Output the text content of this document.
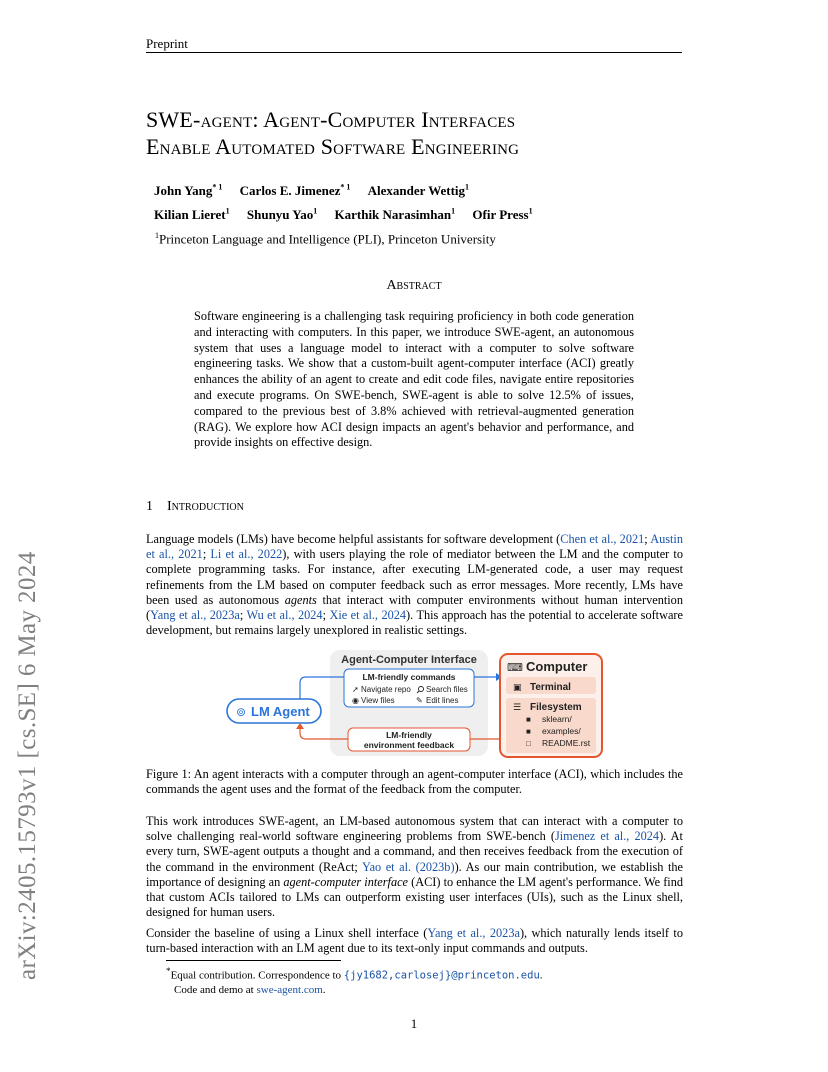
Preprint
arXiv:2405.15793v1 [cs.SE] 6 May 2024
SWE-agent: Agent-Computer Interfaces
Enable Automated Software Engineering
John Yang$^{* 1}$ Carlos E. Jimenez$^{* 1}$ Alexander Wettig$^1$
Kilian Lieret$^1$ Shunyu Yao$^1$ Karthik Narasimhan$^1$ Ofir Press$^1$
$^1$Princeton Language and Intelligence (PLI), Princeton University
Abstract
Software engineering is a challenging task requiring proficiency in both code generation and interacting with computers. In this paper, we introduce SWE-agent, an autonomous system that uses a language model to interact with a computer to solve software engineering tasks. We show that a custom-built agent-computer interface (ACI) greatly enhances the ability of an agent to create and edit code files, navigate entire repositories and execute programs. On SWE-bench, SWE-agent is able to solve 12.5% of issues, compared to the previous best of 3.8% achieved with retrieval-augmented generation (RAG). We explore how ACI design impacts an agent's behavior and performance, and provide insights on effective design.
1 Introduction
Language models (LMs) have become helpful assistants for software development (Chen et al., 2021; Austin et al., 2021; Li et al., 2022), with users playing the role of mediator between the LM and the computer to complete programming tasks. For instance, after executing LM-generated code, a user may request refinements from the LM based on computer feedback such as error messages. More recently, LMs have been used as autonomous agents that interact with computer environments without human intervention (Yang et al., 2023a; Wu et al., 2024; Xie et al., 2024). This approach has the potential to accelerate software development, but remains largely unexplored in realistic settings.
Agent-Computer Interface
LM-friendly commands
➚ Navigate repo Search files
◉ View files	✎ Edit lines
LM-friendly
environment feedback
⊚ LM Agent
⌨ Computer
▣ Terminal
☰ Filesystem
■ sklearn/
■ examples/
□ README.rst
Figure 1: An agent interacts with a computer through an agent-computer interface (ACI), which includes the commands the agent uses and the format of the feedback from the computer.
This work introduces SWE-agent, an LM-based autonomous system that can interact with a computer to solve challenging real-world software engineering problems from SWE-bench (Jimenez et al., 2024). At every turn, SWE-agent outputs a thought and a command, and then receives feedback from the execution of the command in the environment (ReAct; Yao et al. (2023b)). As our main contribution, we establish the importance of designing an agent-computer interface (ACI) to enhance the LM agent's performance. We find that custom ACIs tailored to LMs can outperform existing user interfaces (UIs), such as the Linux shell, designed for human users.
Consider the baseline of using a Linux shell interface (Yang et al., 2023a), which naturally lends itself to turn-based interaction with an LM agent due to its text-only input commands and outputs.
*Equal contribution. Correspondence to {jy1682,carlosej}@princeton.edu.
Code and demo at swe-agent.com.
1
